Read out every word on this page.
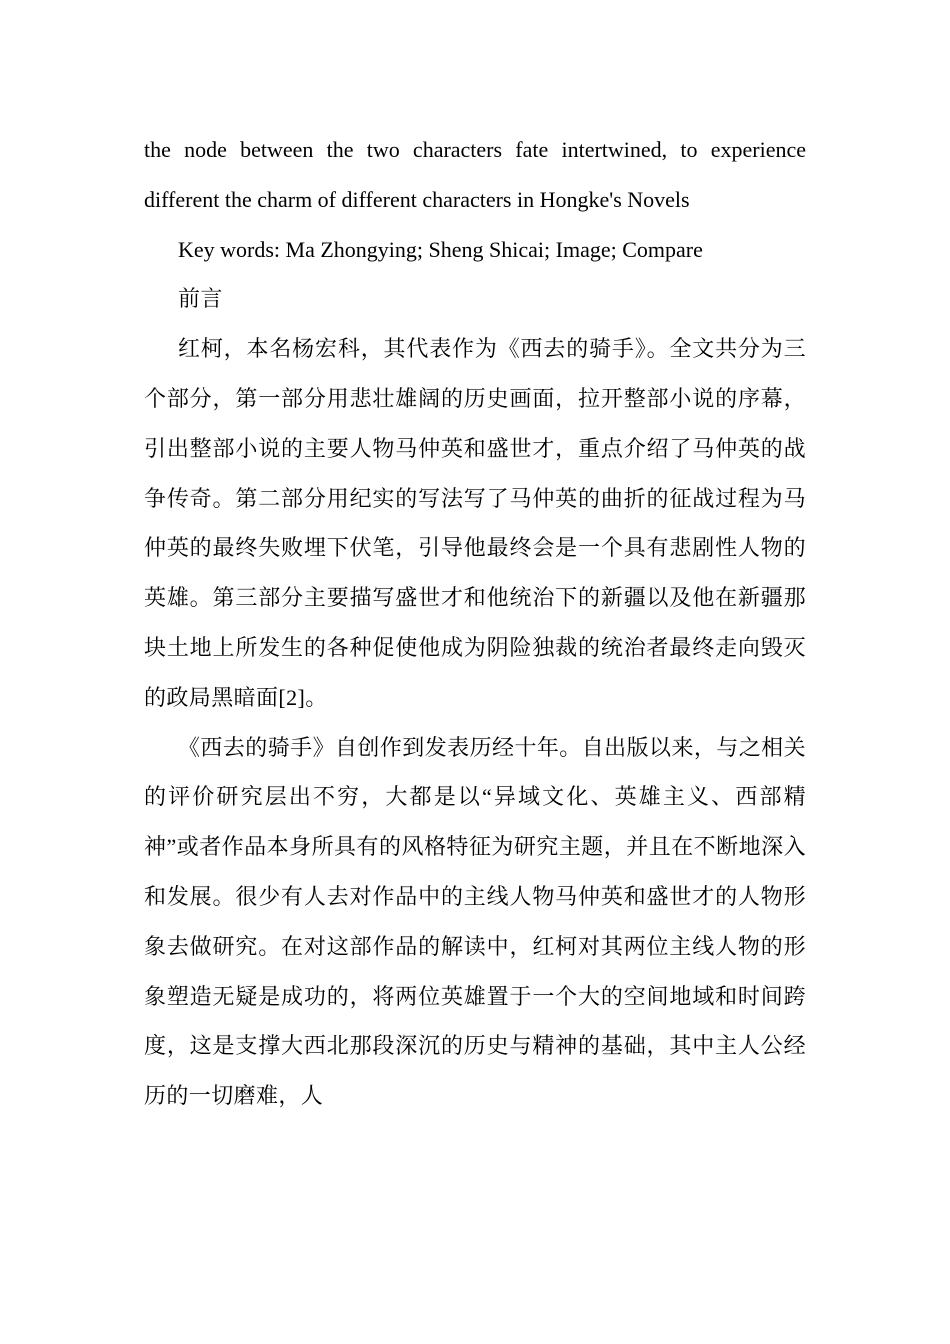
the node between the two characters fate intertwined, to experience different the charm of different characters in Hongke's Novels

Key words: Ma Zhongying; Sheng Shicai; Image; Compare

前言

红柯，本名杨宏科，其代表作为《西去的骑手》。全文共分为三个部分，第一部分用悲壮雄阔的历史画面，拉开整部小说的序幕，引出整部小说的主要人物马仲英和盛世才，重点介绍了马仲英的战争传奇。第二部分用纪实的写法写了马仲英的曲折的征战过程为马仲英的最终失败埋下伏笔，引导他最终会是一个具有悲剧性人物的英雄。第三部分主要描写盛世才和他统治下的新疆以及他在新疆那块土地上所发生的各种促使他成为阴险独裁的统治者最终走向毁灭的政局黑暗面[2]。

《西去的骑手》自创作到发表历经十年。自出版以来，与之相关的评价研究层出不穷，大都是以“异域文化、英雄主义、西部精神”或者作品本身所具有的风格特征为研究主题，并且在不断地深入和发展。很少有人去对作品中的主线人物马仲英和盛世才的人物形象去做研究。在对这部作品的解读中，红柯对其两位主线人物的形象塑造无疑是成功的，将两位英雄置于一个大的空间地域和时间跨度，这是支撑大西北那段深沉的历史与精神的基础，其中主人公经历的一切磨难，人
